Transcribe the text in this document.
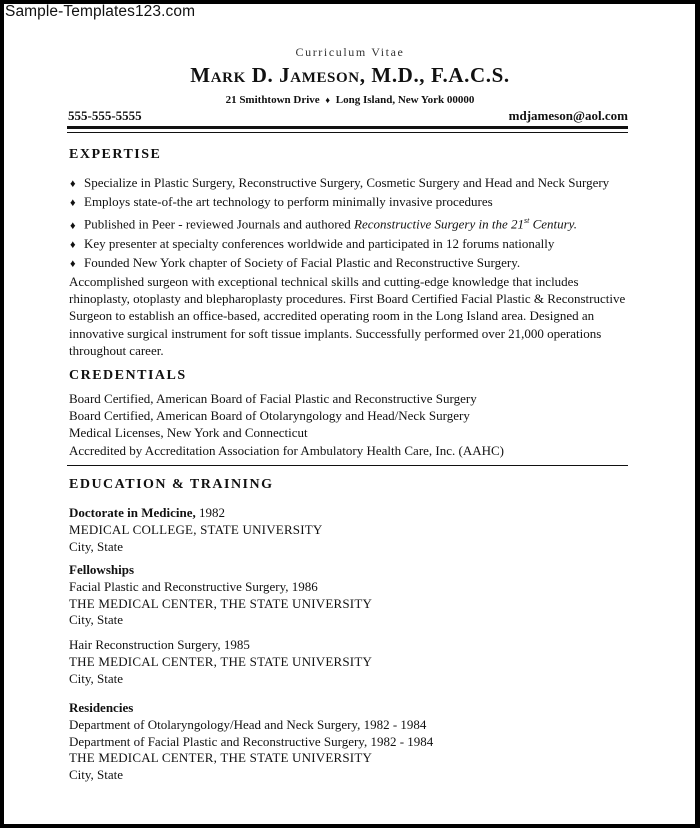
Sample-Templates123.com
Curriculum Vitae
Mark D. Jameson, M.D., F.A.C.S.
21 Smithtown Drive ♦ Long Island, New York 00000
555-555-5555	mdjameson@aol.com
EXPERTISE
♦ Specialize in Plastic Surgery, Reconstructive Surgery, Cosmetic Surgery and Head and Neck Surgery
♦ Employs state-of-the art technology to perform minimally invasive procedures
♦ Published in Peer - reviewed Journals and authored Reconstructive Surgery in the 21st Century.
♦ Key presenter at specialty conferences worldwide and participated in 12 forums nationally
♦ Founded New York chapter of Society of Facial Plastic and Reconstructive Surgery.
Accomplished surgeon with exceptional technical skills and cutting-edge knowledge that includes rhinoplasty, otoplasty and blepharoplasty procedures. First Board Certified Facial Plastic & Reconstructive Surgeon to establish an office-based, accredited operating room in the Long Island area. Designed an innovative surgical instrument for soft tissue implants. Successfully performed over 21,000 operations throughout career.
CREDENTIALS
Board Certified, American Board of Facial Plastic and Reconstructive Surgery
Board Certified, American Board of Otolaryngology and Head/Neck Surgery
Medical Licenses, New York and Connecticut
Accredited by Accreditation Association for Ambulatory Health Care, Inc. (AAHC)
EDUCATION & TRAINING
Doctorate in Medicine, 1982
MEDICAL COLLEGE, STATE UNIVERSITY
City, State
Fellowships
Facial Plastic and Reconstructive Surgery, 1986
THE MEDICAL CENTER, THE STATE UNIVERSITY
City, State
Hair Reconstruction Surgery, 1985
THE MEDICAL CENTER, THE STATE UNIVERSITY
City, State
Residencies
Department of Otolaryngology/Head and Neck Surgery, 1982 - 1984
Department of Facial Plastic and Reconstructive Surgery, 1982 - 1984
THE MEDICAL CENTER, THE STATE UNIVERSITY
City, State
